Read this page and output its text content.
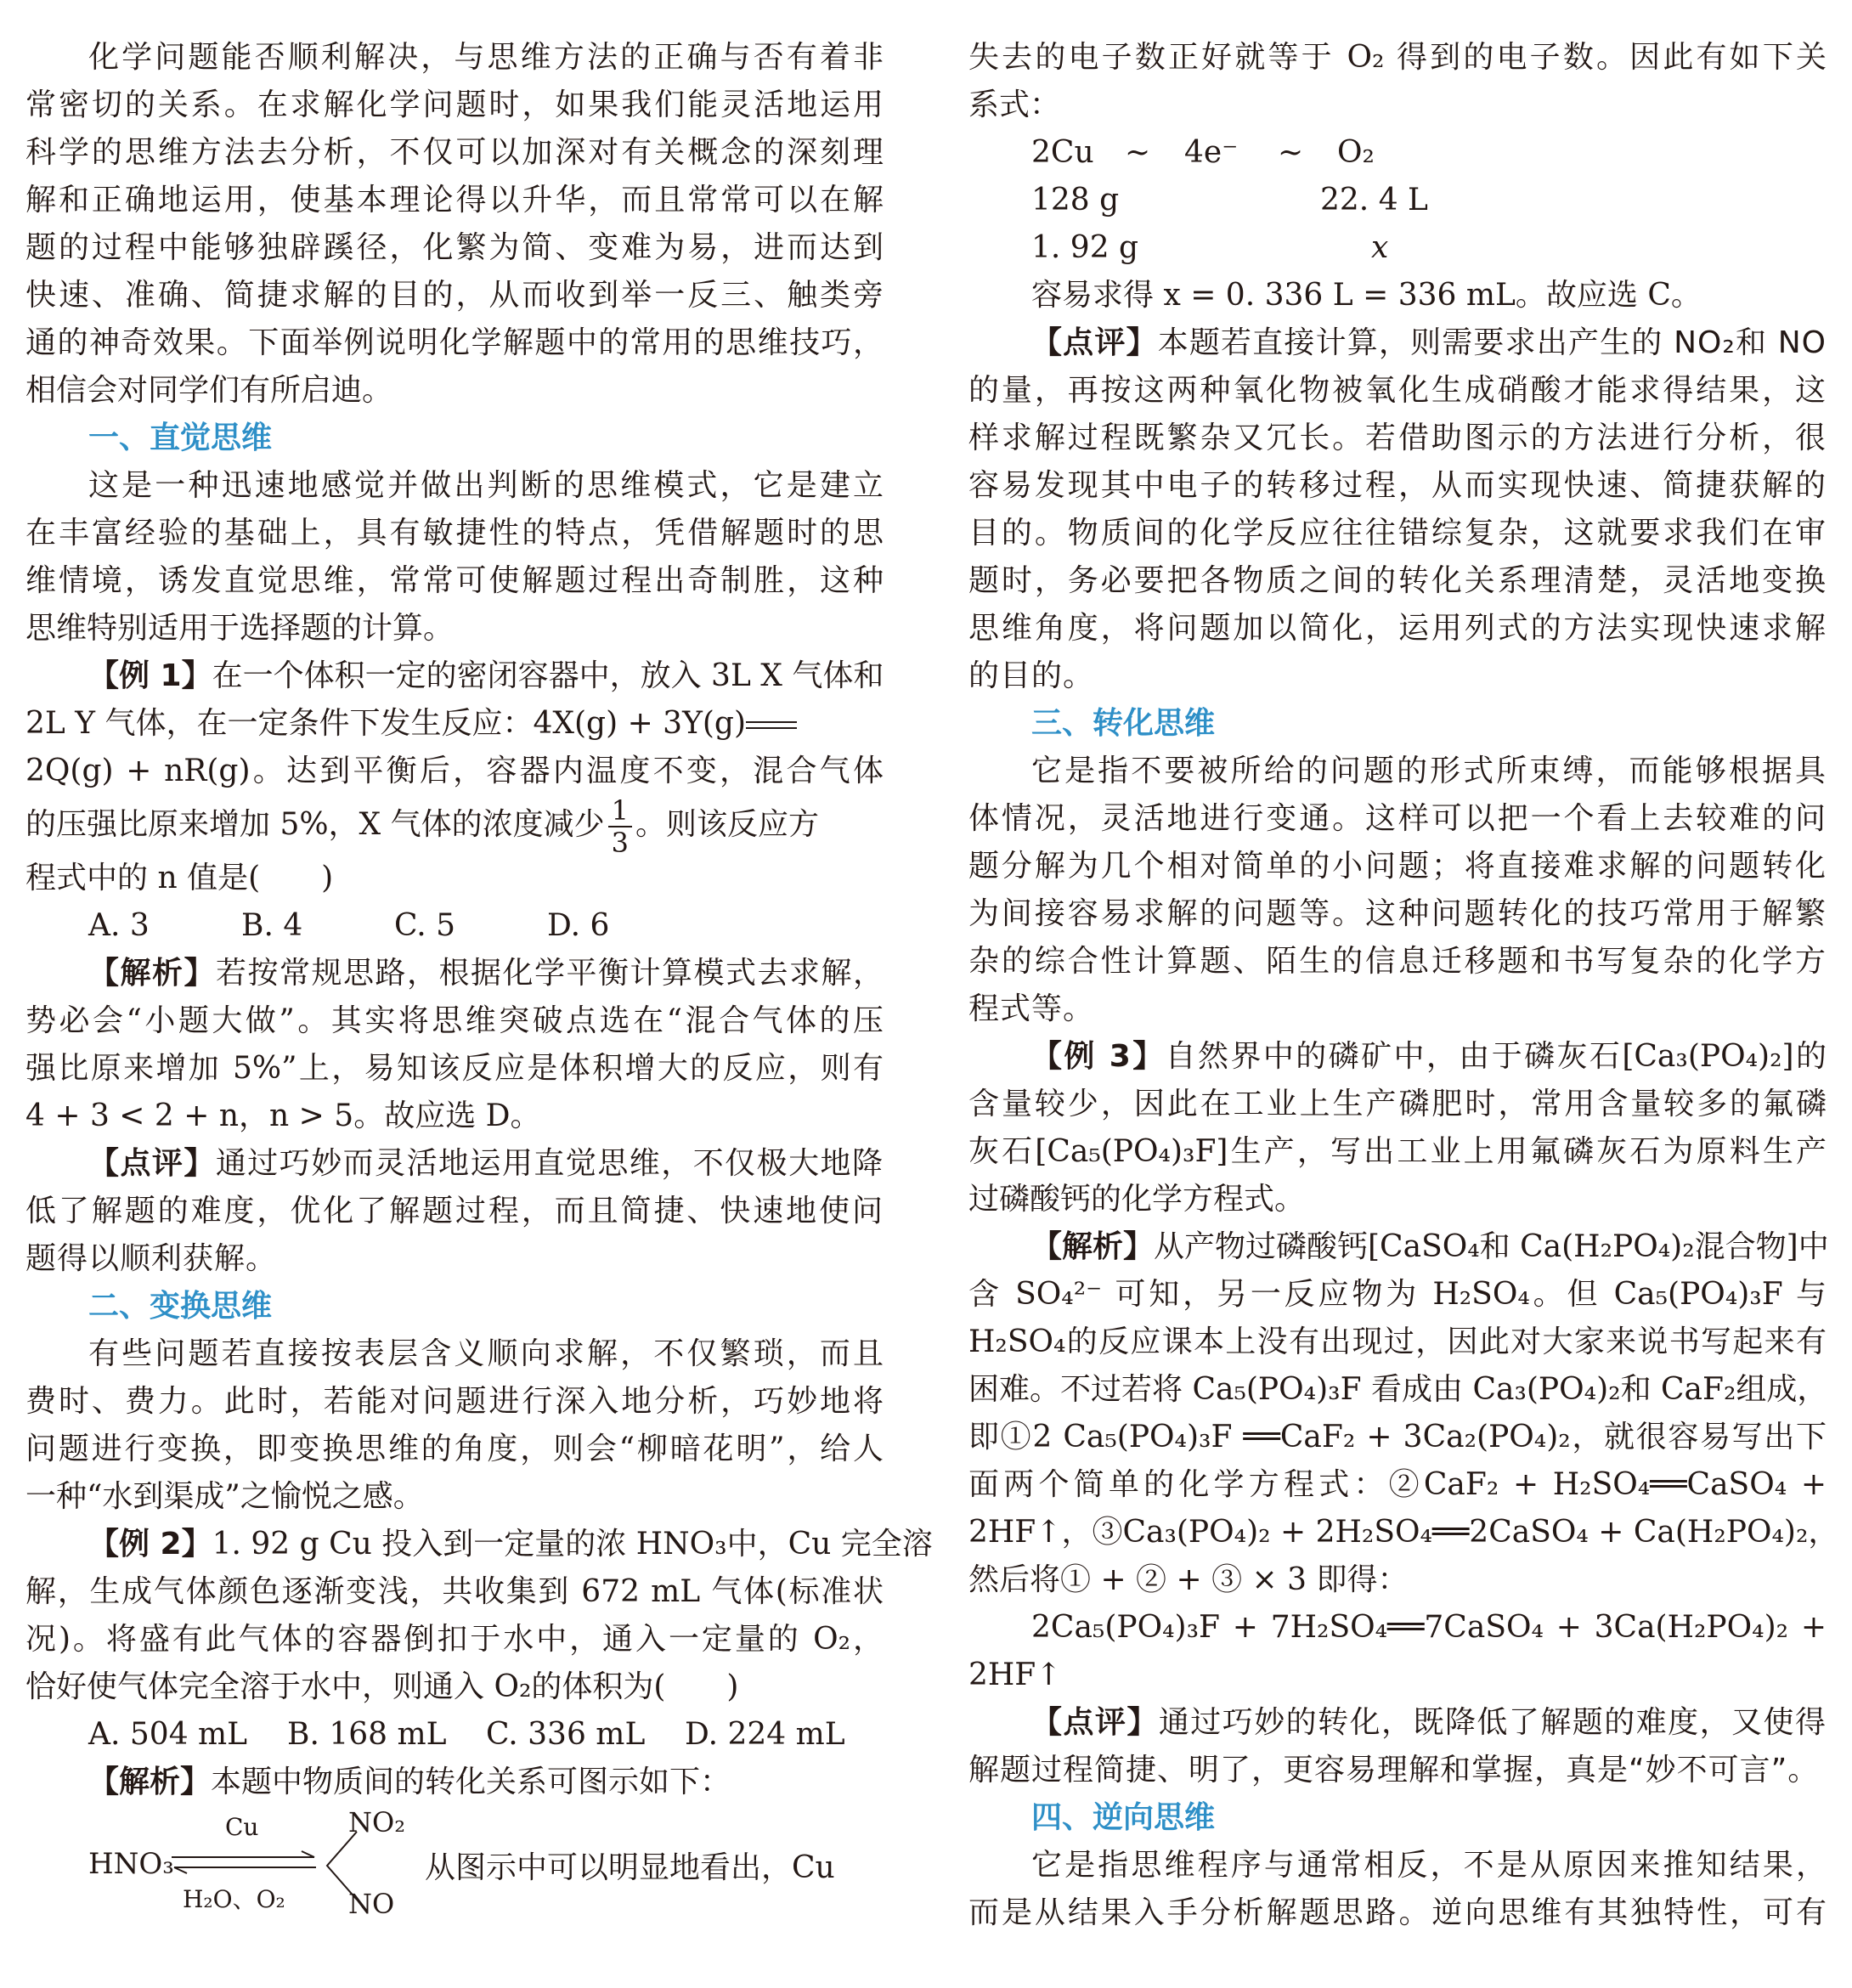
化学问题能否顺利解决，与思维方法的正确与否有着非
常密切的关系。在求解化学问题时，如果我们能灵活地运用
科学的思维方法去分析，不仅可以加深对有关概念的深刻理
解和正确地运用，使基本理论得以升华，而且常常可以在解
题的过程中能够独辟蹊径，化繁为简、变难为易，进而达到
快速、准确、简捷求解的目的，从而收到举一反三、触类旁
通的神奇效果。下面举例说明化学解题中的常用的思维技巧，
相信会对同学们有所启迪。
一、直觉思维
这是一种迅速地感觉并做出判断的思维模式，它是建立
在丰富经验的基础上，具有敏捷性的特点，凭借解题时的思
维情境，诱发直觉思维，常常可使解题过程出奇制胜，这种
思维特别适用于选择题的计算。
【例 1】在一个体积一定的密闭容器中，放入 3L X 气体和
2L Y 气体，在一定条件下发生反应：4X(g) + 3Y(g)
2Q(g) + nR(g)。达到平衡后，容器内温度不变，混合气体
的压强比原来增加 5%，X 气体的浓度减少 $\frac{1}{3}$ 。则该反应方
程式中的 n 值是(　　)
A. 3	B. 4	C. 5	D. 6
【解析】若按常规思路，根据化学平衡计算模式去求解，
势必会“小题大做”。其实将思维突破点选在“混合气体的压
强比原来增加 5%”上，易知该反应是体积增大的反应，则有
4 + 3 < 2 + n，n > 5。故应选 D。
【点评】通过巧妙而灵活地运用直觉思维，不仅极大地降
低了解题的难度，优化了解题过程，而且简捷、快速地使问
题得以顺利获解。
二、变换思维
有些问题若直接按表层含义顺向求解，不仅繁琐，而且
费时、费力。此时，若能对问题进行深入地分析，巧妙地将
问题进行变换，即变换思维的角度，则会“柳暗花明”，给人
一种“水到渠成”之愉悦之感。
【例 2】1. 92 g Cu 投入到一定量的浓 HNO₃中，Cu 完全溶
解，生成气体颜色逐渐变浅，共收集到 672 mL 气体(标准状
况)。将盛有此气体的容器倒扣于水中，通入一定量的 O₂，
恰好使气体完全溶于水中，则通入 O₂的体积为(　　)
A. 504 mL	B. 168 mL	C. 336 mL	D. 224 mL
【解析】本题中物质间的转化关系可图示如下：
HNO₃
Cu
H₂O、O₂
NO₂
NO
从图示中可以明显地看出，Cu
失去的电子数正好就等于 O₂ 得到的电子数。因此有如下关
系式：
2Cu	~	4e⁻	~	O₂
128 g	22. 4 L
1. 92 g	x
容易求得 x = 0. 336 L = 336 mL。故应选 C。
【点评】本题若直接计算，则需要求出产生的 NO₂和 NO
的量，再按这两种氧化物被氧化生成硝酸才能求得结果，这
样求解过程既繁杂又冗长。若借助图示的方法进行分析，很
容易发现其中电子的转移过程，从而实现快速、简捷获解的
目的。物质间的化学反应往往错综复杂，这就要求我们在审
题时，务必要把各物质之间的转化关系理清楚，灵活地变换
思维角度，将问题加以简化，运用列式的方法实现快速求解
的目的。
三、转化思维
它是指不要被所给的问题的形式所束缚，而能够根据具
体情况，灵活地进行变通。这样可以把一个看上去较难的问
题分解为几个相对简单的小问题；将直接难求解的问题转化
为间接容易求解的问题等。这种问题转化的技巧常用于解繁
杂的综合性计算题、陌生的信息迁移题和书写复杂的化学方
程式等。
【例 3】自然界中的磷矿中，由于磷灰石[Ca₃(PO₄)₂]的
含量较少，因此在工业上生产磷肥时，常用含量较多的氟磷
灰石[Ca₅(PO₄)₃F]生产，写出工业上用氟磷灰石为原料生产
过磷酸钙的化学方程式。
【解析】从产物过磷酸钙[CaSO₄和 Ca(H₂PO₄)₂混合物]中
含 SO₄²⁻ 可知，另一反应物为 H₂SO₄。但 Ca₅(PO₄)₃F 与
H₂SO₄的反应课本上没有出现过，因此对大家来说书写起来有
困难。不过若将 Ca₅(PO₄)₃F 看成由 Ca₃(PO₄)₂和 CaF₂组成，
即①2 Ca₅(PO₄)₃F ══CaF₂ + 3Ca₂(PO₄)₂，就很容易写出下
面两个简单的化学方程式：②CaF₂ + H₂SO₄══CaSO₄ +
2HF↑，③Ca₃(PO₄)₂ + 2H₂SO₄══2CaSO₄ + Ca(H₂PO₄)₂，
然后将① + ② + ③ × 3 即得：
2Ca₅(PO₄)₃F + 7H₂SO₄══7CaSO₄ + 3Ca(H₂PO₄)₂ +
2HF↑
【点评】通过巧妙的转化，既降低了解题的难度，又使得
解题过程简捷、明了，更容易理解和掌握，真是“妙不可言”。
四、逆向思维
它是指思维程序与通常相反，不是从原因来推知结果，
而是从结果入手分析解题思路。逆向思维有其独特性，可有
